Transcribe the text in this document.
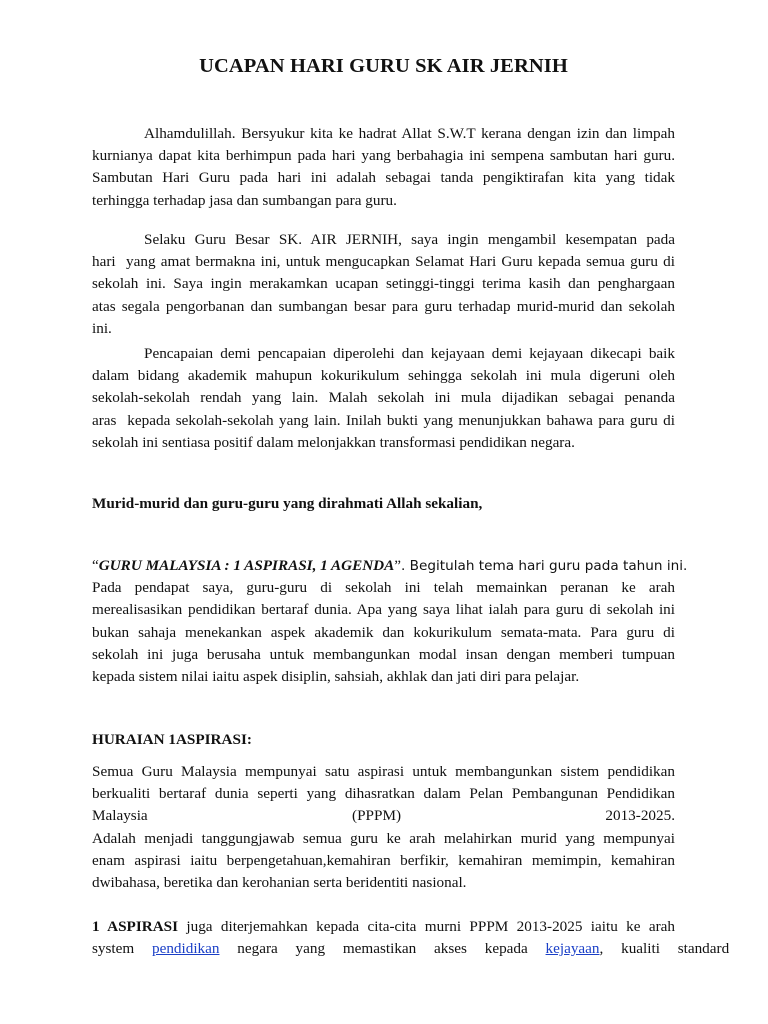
UCAPAN HARI GURU SK AIR JERNIH

Alhamdulillah. Bersyukur kita ke hadrat Allat S.W.T kerana dengan izin dan limpah
kurnianya dapat kita berhimpun pada hari yang berbahagia ini sempena sambutan hari guru.
Sambutan Hari Guru pada hari ini adalah sebagai tanda pengiktirafan kita yang tidak
terhingga terhadap jasa dan sumbangan para guru.

Selaku Guru Besar SK. AIR JERNIH, saya ingin mengambil kesempatan pada
hari  yang amat bermakna ini, untuk mengucapkan Selamat Hari Guru kepada semua guru di
sekolah ini. Saya ingin merakamkan ucapan setinggi-tinggi terima kasih dan penghargaan
atas segala pengorbanan dan sumbangan besar para guru terhadap murid-murid dan sekolah
ini.

Pencapaian demi pencapaian diperolehi dan kejayaan demi kejayaan dikecapi baik
dalam bidang akademik mahupun kokurikulum sehingga sekolah ini mula digeruni oleh
sekolah-sekolah rendah yang lain. Malah sekolah ini mula dijadikan sebagai penanda
aras  kepada sekolah-sekolah yang lain. Inilah bukti yang menunjukkan bahawa para guru di
sekolah ini sentiasa positif dalam melonjakkan transformasi pendidikan negara.

Murid-murid dan guru-guru yang dirahmati Allah sekalian,

“GURU MALAYSIA : 1 ASPIRASI, 1 AGENDA”. Begitulah tema hari guru pada tahun ini.
Pada pendapat saya, guru-guru di sekolah ini telah memainkan peranan ke arah
merealisasikan pendidikan bertaraf dunia. Apa yang saya lihat ialah para guru di sekolah ini
bukan sahaja menekankan aspek akademik dan kokurikulum semata-mata. Para guru di
sekolah ini juga berusaha untuk membangunkan modal insan dengan memberi tumpuan
kepada sistem nilai iaitu aspek disiplin, sahsiah, akhlak dan jati diri para pelajar.

HURAIAN 1ASPIRASI:

Semua Guru Malaysia mempunyai satu aspirasi untuk membangunkan sistem pendidikan
berkualiti bertaraf dunia seperti yang dihasratkan dalam Pelan Pembangunan Pendidikan
Malaysia (PPPM) 2013-2025.
Adalah menjadi tanggungjawab semua guru ke arah melahirkan murid yang mempunyai
enam aspirasi iaitu berpengetahuan,kemahiran berfikir, kemahiran memimpin, kemahiran
dwibahasa, beretika dan kerohanian serta beridentiti nasional.

1 ASPIRASI juga diterjemahkan kepada cita-cita murni PPPM 2013-2025 iaitu ke arah
system pendidikan negara yang memastikan akses kepada kejayaan, kualiti standard
